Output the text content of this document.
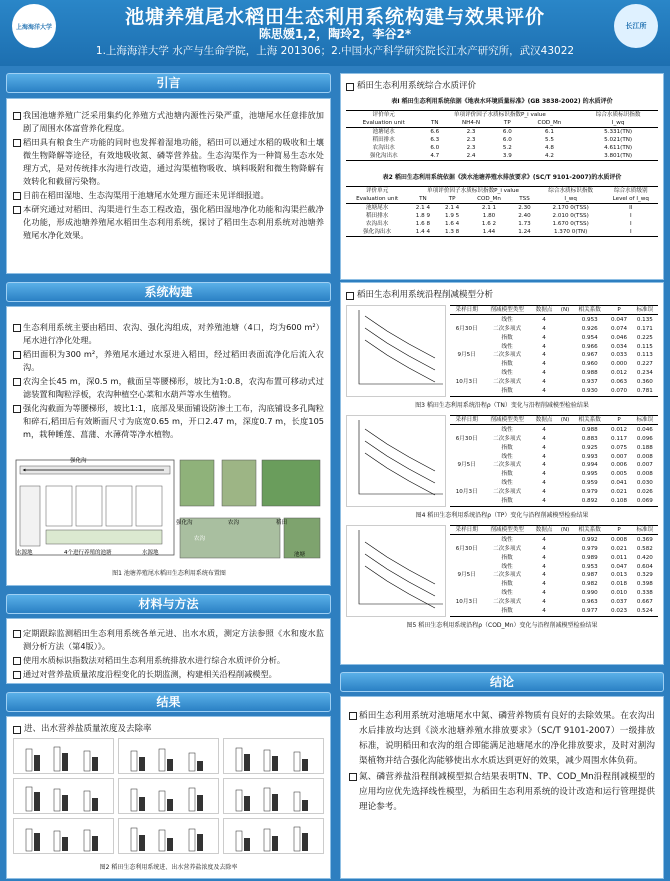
上海海洋大学	长江所
池塘养殖尾水稻田生态利用系统构建与效果评价
陈思媛1,2，陶玲2，李谷2*
1.上海海洋大学 水产与生命学院，上海 201306；2.中国水产科学研究院长江水产研究所，武汉43022
引言
我国池塘养殖广泛采用集约化养殖方式池塘内源性污染严重，池塘尾水任意排放加剧了周围水体富营养化程度。
稻田具有粮食生产功能的同时也发挥着湿地功能，稻田可以通过水稻的吸收和土壤微生物降解等途径，有效地吸收氮、磷等营养盐。生态沟渠作为一种简易生态水处理方式，是对传统排水沟进行改造，通过沟渠植物吸收、填料吸附和微生物降解有效转化和截留污染物。
目前在稻田湿地、生态沟渠用于池塘尾水处理方面还未见详细报道。
本研究通过对稻田、沟渠进行生态工程改造，强化稻田湿地净化功能和沟渠拦截净化功能，形成池塘养殖尾水稻田生态利用系统，探讨了稻田生态利用系统对池塘养殖尾水净化效果。
系统构建
生态利用系统主要由稻田、农沟、强化沟组成，对养殖池塘（4口，均为600 m²）尾水进行净化处理。
稻田面积为300 m²，养殖尾水通过水泵进入稻田，经过稻田表面流净化后流入农沟。
农沟全长45 m，深0.5 m，截面呈等腰梯形，坡比为1:0.8，农沟布置可移动式过滤装置和陶粒浮板，农沟种植空心菜和水葫芦等水生植物。
强化沟截面为等腰梯形，坡比1:1，底部及果面铺设防渗土工布，沟底铺设多孔陶粒和碎石,稻田后有效断面尺寸为底宽0.65 m，开口2.47 m，深度0.7 m，长度105 m，栽种睡莲、菖蒲、水薄荷等净水植物。
强化沟
水源地	4个进行养殖的池塘	水源地
强化沟	农沟	稻田
农沟
池塘
图1 池塘养殖尾水稻田生态利用系统布置图
材料与方法
定期跟踪监测稻田生态利用系统各单元进、出水水质，测定方法参照《水和废水监测分析方法（第4版）》。
使用水质标识指数法对稻田生态利用系统排放水进行综合水质评价分析。
通过对营养盐质量浓度沿程变化的长期监测，构建相关沿程削减模型。
结果
进、出水营养盐质量浓度及去除率
图2 稻田生态利用系统进、出水营养盐浓度及去除率
稻田生态利用系统综合水质评价
表I 稻田生态利用系统依据《地表水环境质量标准》(GB 3838-2002) 的水质评价
评价单元	单项评价因子水质标识指数P_i value				综合水质标识指数
Evaluation unit	TN	NH4-N	TP	COD_Mn	I_wq
池塘尾水	6.6	2.3	6.0	6.1	5.331(TN)
稻田排水	6.3	2.3	6.0	5.5	5.021(TN)
农沟出水	6.0	2.3	5.2	4.8	4.611(TN)
强化沟出水	4.7	2.4	3.9	4.2	3.801(TN)
表2 稻田生态利用系统依据《淡水池塘养殖水排放要求》(SC/T 9101-2007)的水质评价
评价单元	单项评价因子水质标识指数P_i value				综合水质标识指数	综合水质级别
Evaluation unit	TN	TP	COD_Mn	TSS	I_wq	Level of I_wq
池塘尾水	2.1 4	2.1 4	2.1 1	2.30	2.170 0(TSS)	II
稻田排水	1.8 9	1.9 5	1.80	2.40	2.010 0(TSS)	I
农沟出水	1.6 8	1.6 4	1.6 2	1.73	1.670 0(TSS)	I
强化沟出水	1.4 4	1.3 8	1.44	1.24	1.370 0(TN)	I
稻田生态利用系统沿程削减模型分析
采样日期	削减模型类型	数据点	(N)	相关系数	P	标准误
6月30日	线性	4		0.953	0.047	0.135
	二次多项式	4		0.926	0.074	0.171
	指数	4		0.954	0.046	0.225
9月5日	线性	4		0.966	0.034	0.115
	二次多项式	4		0.967	0.033	0.113
	指数	4		0.960	0.000	0.227
10月3日	线性	4		0.988	0.012	0.234
	二次多项式	4		0.937	0.063	0.360
	指数	4		0.930	0.070	0.781
图3 稻田生态利用系统沿程ρ（TN）变化与沿程削减模型检验结果
采样日期	削减模型类型	数据点	(N)	相关系数	P	标准误
6月30日	线性	4		0.988	0.012	0.046
	二次多项式	4		0.883	0.117	0.096
	指数	4		0.925	0.075	0.188
9月5日	线性	4		0.993	0.007	0.008
	二次多项式	4		0.994	0.006	0.007
	指数	4		0.995	0.005	0.008
10月3日	线性	4		0.959	0.041	0.030
	二次多项式	4		0.979	0.021	0.026
	指数	4		0.892	0.108	0.069
图4 稻田生态利用系统沿程ρ（TP）变化与沿程削减模型检验结果
采样日期	削减模型类型	数据点	(N)	相关系数	P	标准误
6月30日	线性	4		0.992	0.008	0.369
	二次多项式	4		0.979	0.021	0.582
	指数	4		0.989	0.011	0.420
9月5日	线性	4		0.953	0.047	0.604
	二次多项式	4		0.987	0.013	0.329
	指数	4		0.982	0.018	0.398
10月3日	线性	4		0.990	0.010	0.338
	二次多项式	4		0.963	0.037	0.667
	指数	4		0.977	0.023	0.524
图5 稻田生态利用系统沿程ρ（COD_Mn）变化与沿程削减模型检验结果
结论
稻田生态利用系统对池塘尾水中氮、磷营养物质有良好的去除效果。在农沟出水后排放均达到《淡水池塘养殖水排放要求》（SC/T 9101-2007）一级排放标准，说明稻田和农沟的组合即能满足池塘尾水的净化排放要求，及时对割沟渠植物并结合强化沟能够使出水水质达到更好的效果，减少周围水体负荷。
氮、磷营养盐沿程削减模型拟合结果表明TN、TP、COD_Mn沿程削减模型的应用均应优先选择线性模型，为稻田生态利用系统的设计改造和运行管理提供理论参考。
